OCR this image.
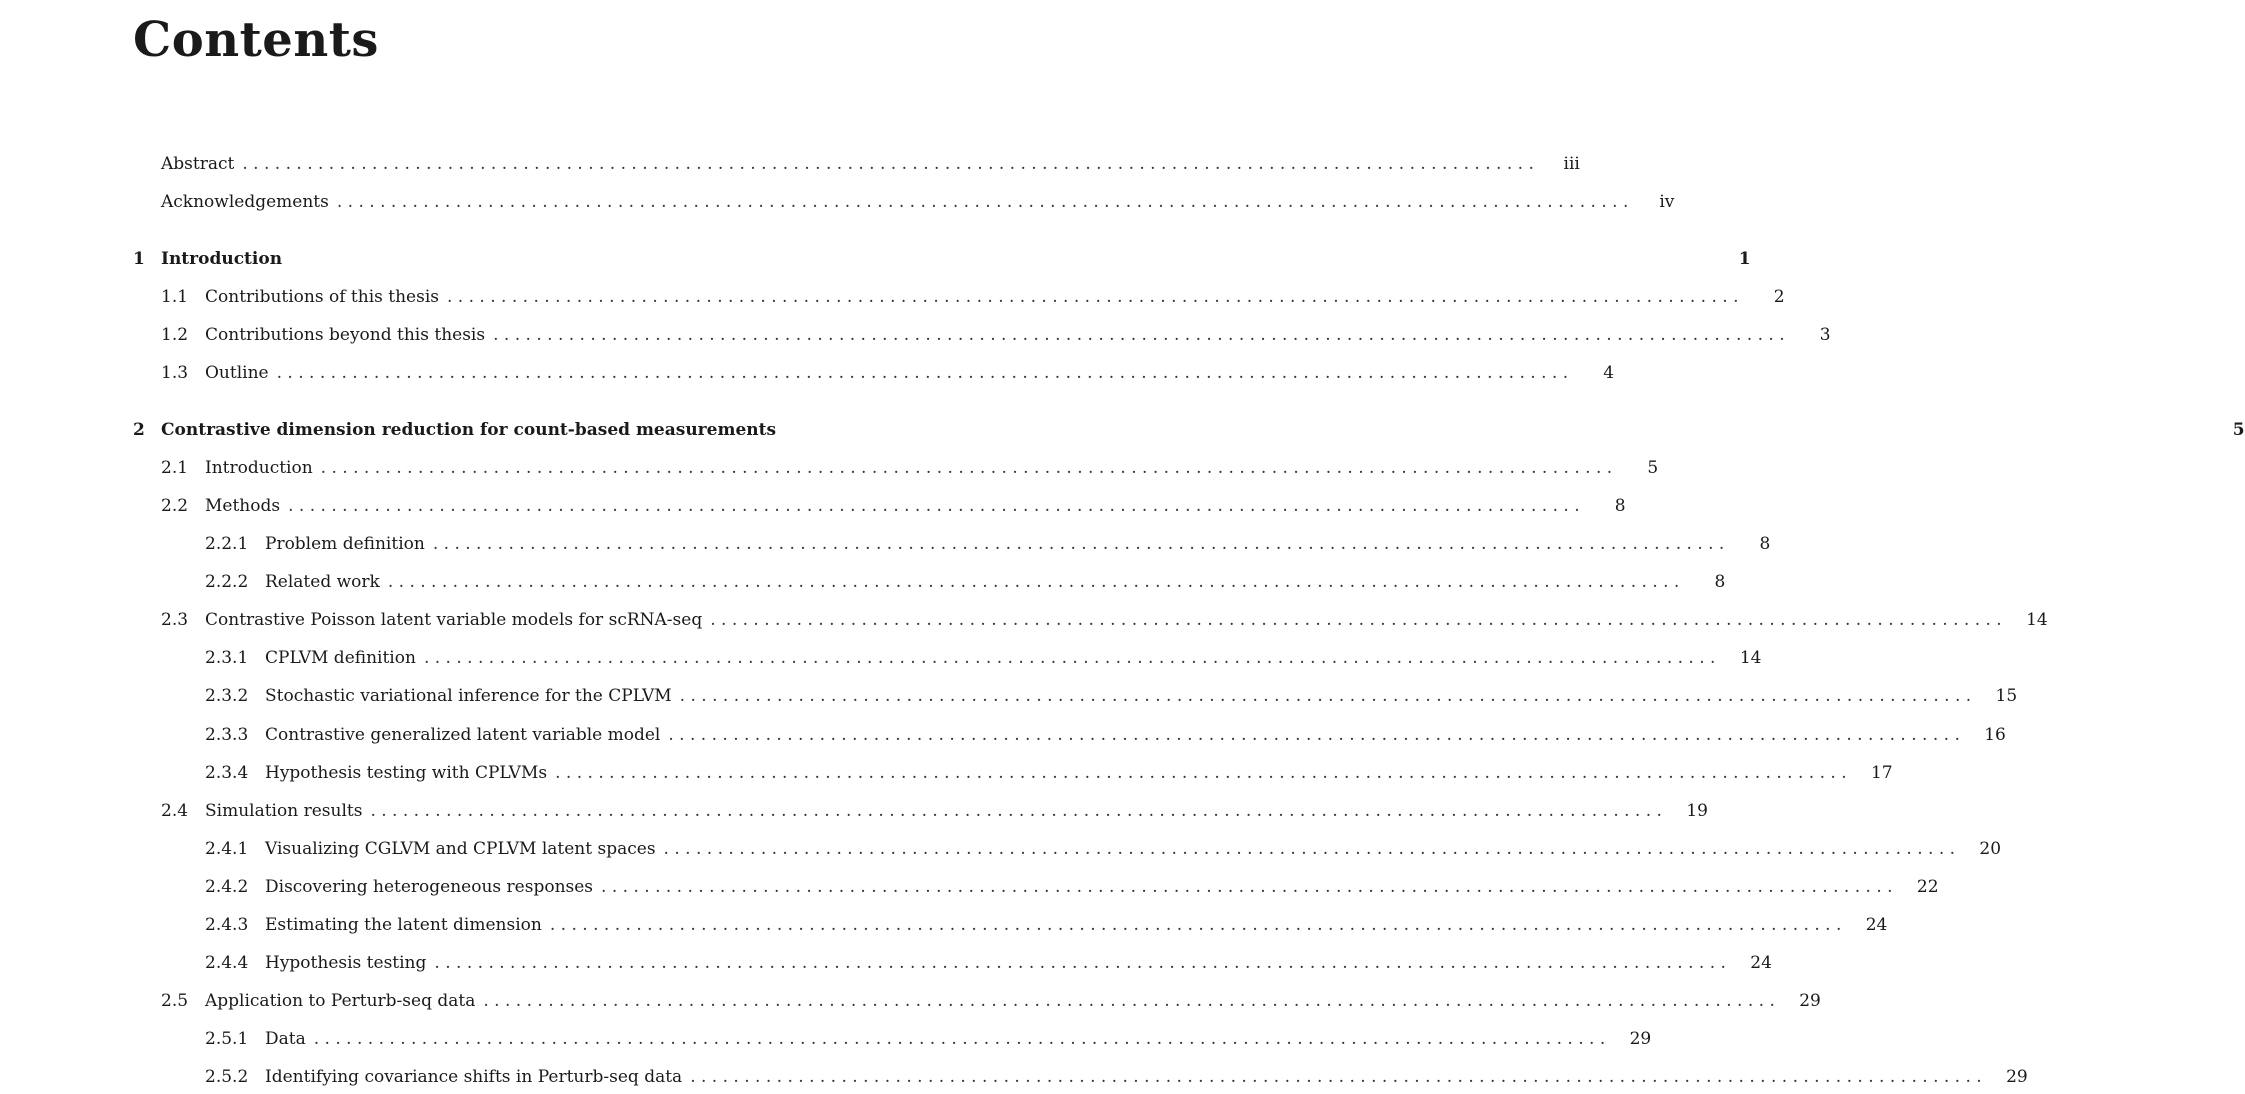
Contents
Abstract . . . . . . . . . . . . . . . . . . . . . . . . . . . . . . . . . . . . . . . . . . . . . . . . . . . . . . . . . . . . . . . . . . . . . . . . . . . . . . . . . . . . . . . . . . . . . . . . . . . . . . . . . . . . . . . . . . . . . . . .	iii
Acknowledgements . . . . . . . . . . . . . . . . . . . . . . . . . . . . . . . . . . . . . . . . . . . . . . . . . . . . . . . . . . . . . . . . . . . . . . . . . . . . . . . . . . . . . . . . . . . . . . . . . . . . . . . . . . . . . . . . . . . . . . . .	iv
1 Introduction	1
1.1 Contributions of this thesis . . . . . . . . . . . . . . . . . . . . . . . . . . . . . . . . . . . . . . . . . . . . . . . . . . . . . . . . . . . . . . . . . . . . . . . . . . . . . . . . . . . . . . . . . . . . . . . . . . . . . . . . . . . . . . . . . . . . . . . .	2
1.2 Contributions beyond this thesis . . . . . . . . . . . . . . . . . . . . . . . . . . . . . . . . . . . . . . . . . . . . . . . . . . . . . . . . . . . . . . . . . . . . . . . . . . . . . . . . . . . . . . . . . . . . . . . . . . . . . . . . . . . . . . . . . . . . . . . .	3
1.3 Outline . . . . . . . . . . . . . . . . . . . . . . . . . . . . . . . . . . . . . . . . . . . . . . . . . . . . . . . . . . . . . . . . . . . . . . . . . . . . . . . . . . . . . . . . . . . . . . . . . . . . . . . . . . . . . . . . . . . . . . . .	4
2 Contrastive dimension reduction for count-based measurements	5
2.1 Introduction . . . . . . . . . . . . . . . . . . . . . . . . . . . . . . . . . . . . . . . . . . . . . . . . . . . . . . . . . . . . . . . . . . . . . . . . . . . . . . . . . . . . . . . . . . . . . . . . . . . . . . . . . . . . . . . . . . . . . . . .	5
2.2 Methods . . . . . . . . . . . . . . . . . . . . . . . . . . . . . . . . . . . . . . . . . . . . . . . . . . . . . . . . . . . . . . . . . . . . . . . . . . . . . . . . . . . . . . . . . . . . . . . . . . . . . . . . . . . . . . . . . . . . . . . .	8
2.2.1 Problem definition . . . . . . . . . . . . . . . . . . . . . . . . . . . . . . . . . . . . . . . . . . . . . . . . . . . . . . . . . . . . . . . . . . . . . . . . . . . . . . . . . . . . . . . . . . . . . . . . . . . . . . . . . . . . . . . . . . . . . . . .	8
2.2.2 Related work . . . . . . . . . . . . . . . . . . . . . . . . . . . . . . . . . . . . . . . . . . . . . . . . . . . . . . . . . . . . . . . . . . . . . . . . . . . . . . . . . . . . . . . . . . . . . . . . . . . . . . . . . . . . . . . . . . . . . . . .	8
2.3 Contrastive Poisson latent variable models for scRNA-seq . . . . . . . . . . . . . . . . . . . . . . . . . . . . . . . . . . . . . . . . . . . . . . . . . . . . . . . . . . . . . . . . . . . . . . . . . . . . . . . . . . . . . . . . . . . . . . . . . . . . . . . . . . . . . . . . . . . . . . . .	14
2.3.1 CPLVM definition . . . . . . . . . . . . . . . . . . . . . . . . . . . . . . . . . . . . . . . . . . . . . . . . . . . . . . . . . . . . . . . . . . . . . . . . . . . . . . . . . . . . . . . . . . . . . . . . . . . . . . . . . . . . . . . . . . . . . . . .	14
2.3.2 Stochastic variational inference for the CPLVM . . . . . . . . . . . . . . . . . . . . . . . . . . . . . . . . . . . . . . . . . . . . . . . . . . . . . . . . . . . . . . . . . . . . . . . . . . . . . . . . . . . . . . . . . . . . . . . . . . . . . . . . . . . . . . . . . . . . . . . .	15
2.3.3 Contrastive generalized latent variable model . . . . . . . . . . . . . . . . . . . . . . . . . . . . . . . . . . . . . . . . . . . . . . . . . . . . . . . . . . . . . . . . . . . . . . . . . . . . . . . . . . . . . . . . . . . . . . . . . . . . . . . . . . . . . . . . . . . . . . . .	16
2.3.4 Hypothesis testing with CPLVMs . . . . . . . . . . . . . . . . . . . . . . . . . . . . . . . . . . . . . . . . . . . . . . . . . . . . . . . . . . . . . . . . . . . . . . . . . . . . . . . . . . . . . . . . . . . . . . . . . . . . . . . . . . . . . . . . . . . . . . . .	17
2.4 Simulation results . . . . . . . . . . . . . . . . . . . . . . . . . . . . . . . . . . . . . . . . . . . . . . . . . . . . . . . . . . . . . . . . . . . . . . . . . . . . . . . . . . . . . . . . . . . . . . . . . . . . . . . . . . . . . . . . . . . . . . . .	19
2.4.1 Visualizing CGLVM and CPLVM latent spaces . . . . . . . . . . . . . . . . . . . . . . . . . . . . . . . . . . . . . . . . . . . . . . . . . . . . . . . . . . . . . . . . . . . . . . . . . . . . . . . . . . . . . . . . . . . . . . . . . . . . . . . . . . . . . . . . . . . . . . . .	20
2.4.2 Discovering heterogeneous responses . . . . . . . . . . . . . . . . . . . . . . . . . . . . . . . . . . . . . . . . . . . . . . . . . . . . . . . . . . . . . . . . . . . . . . . . . . . . . . . . . . . . . . . . . . . . . . . . . . . . . . . . . . . . . . . . . . . . . . . .	22
2.4.3 Estimating the latent dimension . . . . . . . . . . . . . . . . . . . . . . . . . . . . . . . . . . . . . . . . . . . . . . . . . . . . . . . . . . . . . . . . . . . . . . . . . . . . . . . . . . . . . . . . . . . . . . . . . . . . . . . . . . . . . . . . . . . . . . . .	24
2.4.4 Hypothesis testing . . . . . . . . . . . . . . . . . . . . . . . . . . . . . . . . . . . . . . . . . . . . . . . . . . . . . . . . . . . . . . . . . . . . . . . . . . . . . . . . . . . . . . . . . . . . . . . . . . . . . . . . . . . . . . . . . . . . . . . .	24
2.5 Application to Perturb-seq data . . . . . . . . . . . . . . . . . . . . . . . . . . . . . . . . . . . . . . . . . . . . . . . . . . . . . . . . . . . . . . . . . . . . . . . . . . . . . . . . . . . . . . . . . . . . . . . . . . . . . . . . . . . . . . . . . . . . . . . .	29
2.5.1 Data . . . . . . . . . . . . . . . . . . . . . . . . . . . . . . . . . . . . . . . . . . . . . . . . . . . . . . . . . . . . . . . . . . . . . . . . . . . . . . . . . . . . . . . . . . . . . . . . . . . . . . . . . . . . . . . . . . . . . . . .	29
2.5.2 Identifying covariance shifts in Perturb-seq data . . . . . . . . . . . . . . . . . . . . . . . . . . . . . . . . . . . . . . . . . . . . . . . . . . . . . . . . . . . . . . . . . . . . . . . . . . . . . . . . . . . . . . . . . . . . . . . . . . . . . . . . . . . . . . . . . . . . . . . .	29
